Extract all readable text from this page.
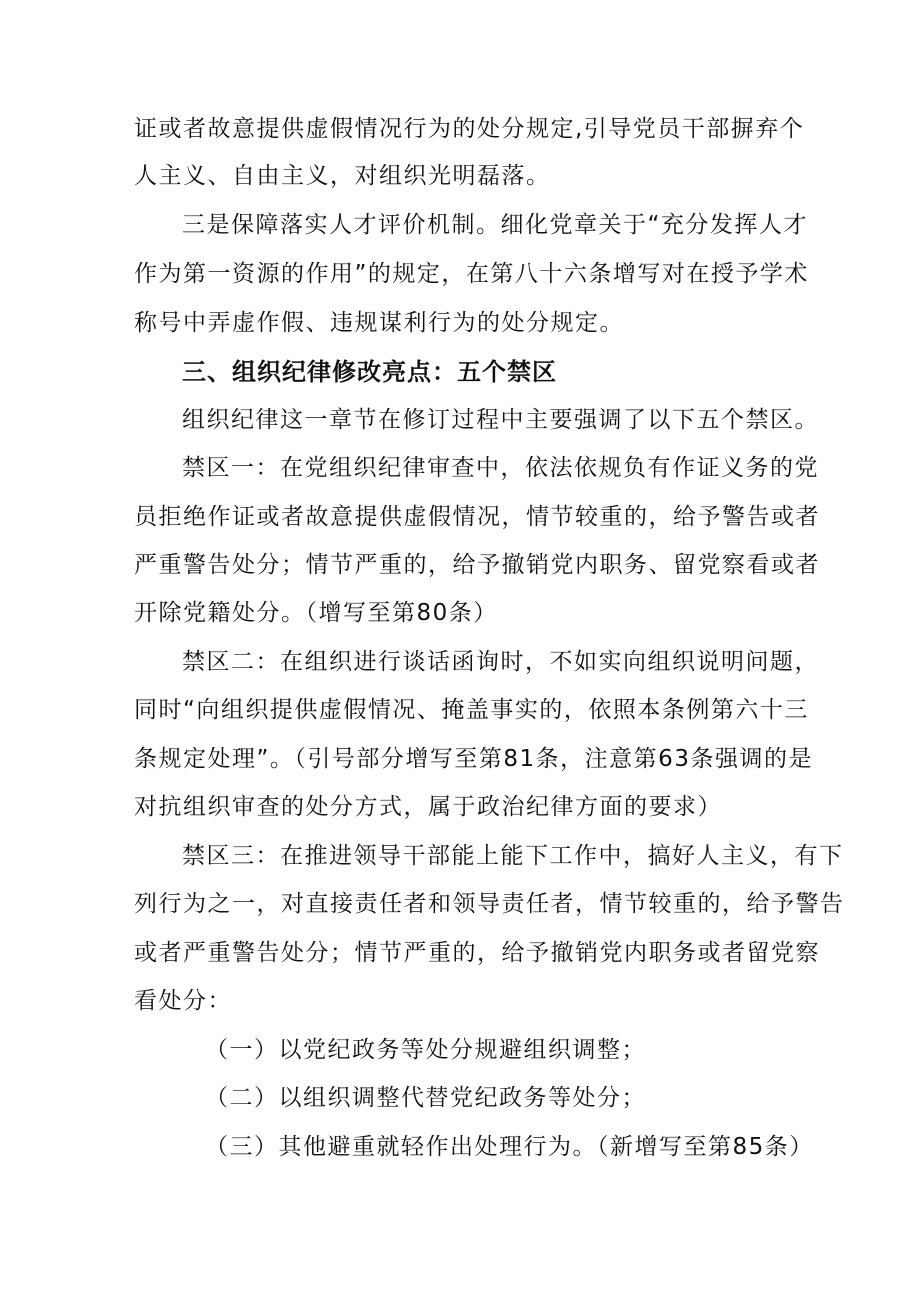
证或者故意提供虚假情况行为的处分规定,引导党员干部摒弃个
人主义、自由主义，对组织光明磊落。
三是保障落实人才评价机制。细化党章关于“充分发挥人才
作为第一资源的作用”的规定，在第八十六条增写对在授予学术
称号中弄虚作假、违规谋利行为的处分规定。
三、组织纪律修改亮点：五个禁区
组织纪律这一章节在修订过程中主要强调了以下五个禁区。
禁区一：在党组织纪律审查中，依法依规负有作证义务的党
员拒绝作证或者故意提供虚假情况，情节较重的，给予警告或者
严重警告处分；情节严重的，给予撤销党内职务、留党察看或者
开除党籍处分。（增写至第80条）
禁区二：在组织进行谈话函询时，不如实向组织说明问题，
同时“向组织提供虚假情况、掩盖事实的，依照本条例第六十三
条规定处理”。（引号部分增写至第81条，注意第63条强调的是
对抗组织审查的处分方式，属于政治纪律方面的要求）
禁区三：在推进领导干部能上能下工作中，搞好人主义，有下
列行为之一，对直接责任者和领导责任者，情节较重的，给予警告
或者严重警告处分；情节严重的，给予撤销党内职务或者留党察
看处分：
（一）以党纪政务等处分规避组织调整；
（二）以组织调整代替党纪政务等处分；
（三）其他避重就轻作出处理行为。（新增写至第85条）
